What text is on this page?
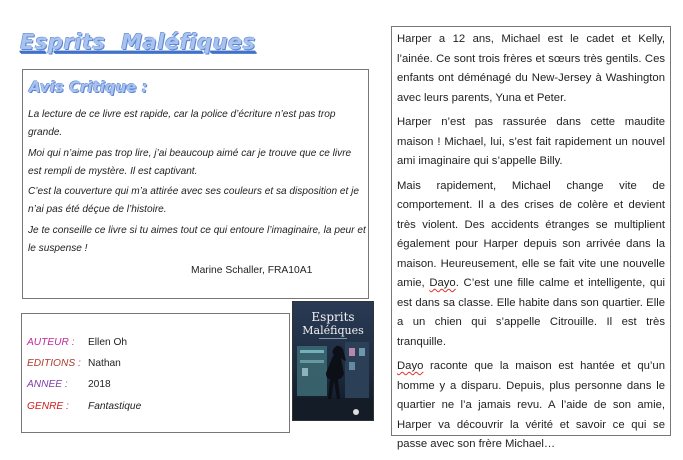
Esprits  Maléfiques
Avis Critique :

La lecture de ce livre est rapide, car la police d’écriture n’est pas trop grande.

Moi qui n’aime pas trop lire, j’ai beaucoup aimé car je trouve que ce livre est rempli de mystère. Il est captivant.

C’est la couverture qui m’a attirée avec ses couleurs et sa disposition et je n’ai pas été déçue de l’histoire.

Je te conseille ce livre si tu aimes tout ce qui entoure l’imaginaire, la peur et le suspense !

Marine Schaller, FRA10A1
AUTEUR : Ellen Oh
EDITIONS : Nathan
ANNEE : 2018
GENRE : Fantastique
Esprits
Maléfiques

Harper a 12 ans, Michael est le cadet et Kelly, l’ainée. Ce sont trois frères et sœurs très gentils. Ces enfants ont déménagé du New-Jersey à Washington avec leurs parents, Yuna et Peter.

Harper n’est pas rassurée dans cette maudite maison ! Michael, lui, s’est fait rapidement un nouvel ami imaginaire qui s’appelle Billy.

Mais rapidement, Michael change vite de comportement. Il a des crises de colère et devient très violent. Des accidents étranges se multiplient également pour Harper depuis son arrivée dans la maison. Heureusement, elle se fait vite une nouvelle amie, Dayo. C’est une fille calme et intelligente, qui est dans sa classe. Elle habite dans son quartier. Elle a un chien qui s’appelle Citrouille. Il est très tranquille.

Dayo raconte que la maison est hantée et qu’un homme y a disparu. Depuis, plus personne dans le quartier ne l’a jamais revu. A l’aide de son amie, Harper va découvrir la vérité et savoir ce qui se passe avec son frère Michael…
